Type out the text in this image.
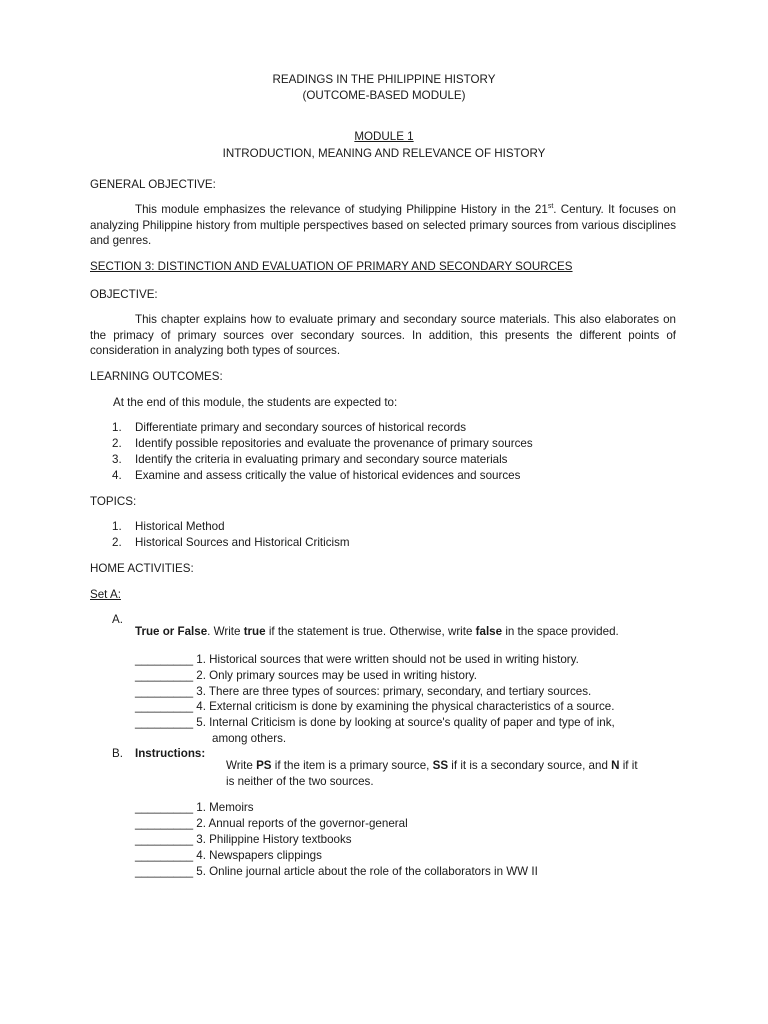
READINGS IN THE PHILIPPINE HISTORY

(OUTCOME-BASED MODULE)

MODULE 1

INTRODUCTION, MEANING AND RELEVANCE OF HISTORY

GENERAL OBJECTIVE:

This module emphasizes the relevance of studying Philippine History in the 21st. Century. It focuses on analyzing Philippine history from multiple perspectives based on selected primary sources from various disciplines and genres.

SECTION 3: DISTINCTION AND EVALUATION OF PRIMARY AND SECONDARY SOURCES

OBJECTIVE:

This chapter explains how to evaluate primary and secondary source materials. This also elaborates on the primacy of primary sources over secondary sources. In addition, this presents the different points of consideration in analyzing both types of sources.

LEARNING OUTCOMES:

At the end of this module, the students are expected to:

1.	Differentiate primary and secondary sources of historical records
2.	Identify possible repositories and evaluate the provenance of primary sources
3.	Identify the criteria in evaluating primary and secondary source materials
4.	Examine and assess critically the value of historical evidences and sources

TOPICS:

1.	Historical Method
2.	Historical Sources and Historical Criticism

HOME ACTIVITIES:

Set A:

A.

True or False. Write true if the statement is true. Otherwise, write false in the space provided.

_________ 1. Historical sources that were written should not be used in writing history.

_________ 2. Only primary sources may be used in writing history.

_________ 3. There are three types of sources: primary, secondary, and tertiary sources.

_________ 4. External criticism is done by examining the physical characteristics of a source.

_________ 5. Internal Criticism is done by looking at source's quality of paper and type of ink,

among others.

B.	Instructions:

Write PS if the item is a primary source, SS if it is a secondary source, and N if it

is neither of the two sources.

_________ 1. Memoirs

_________ 2. Annual reports of the governor-general

_________ 3. Philippine History textbooks

_________ 4. Newspapers clippings

_________ 5. Online journal article about the role of the collaborators in WW II
